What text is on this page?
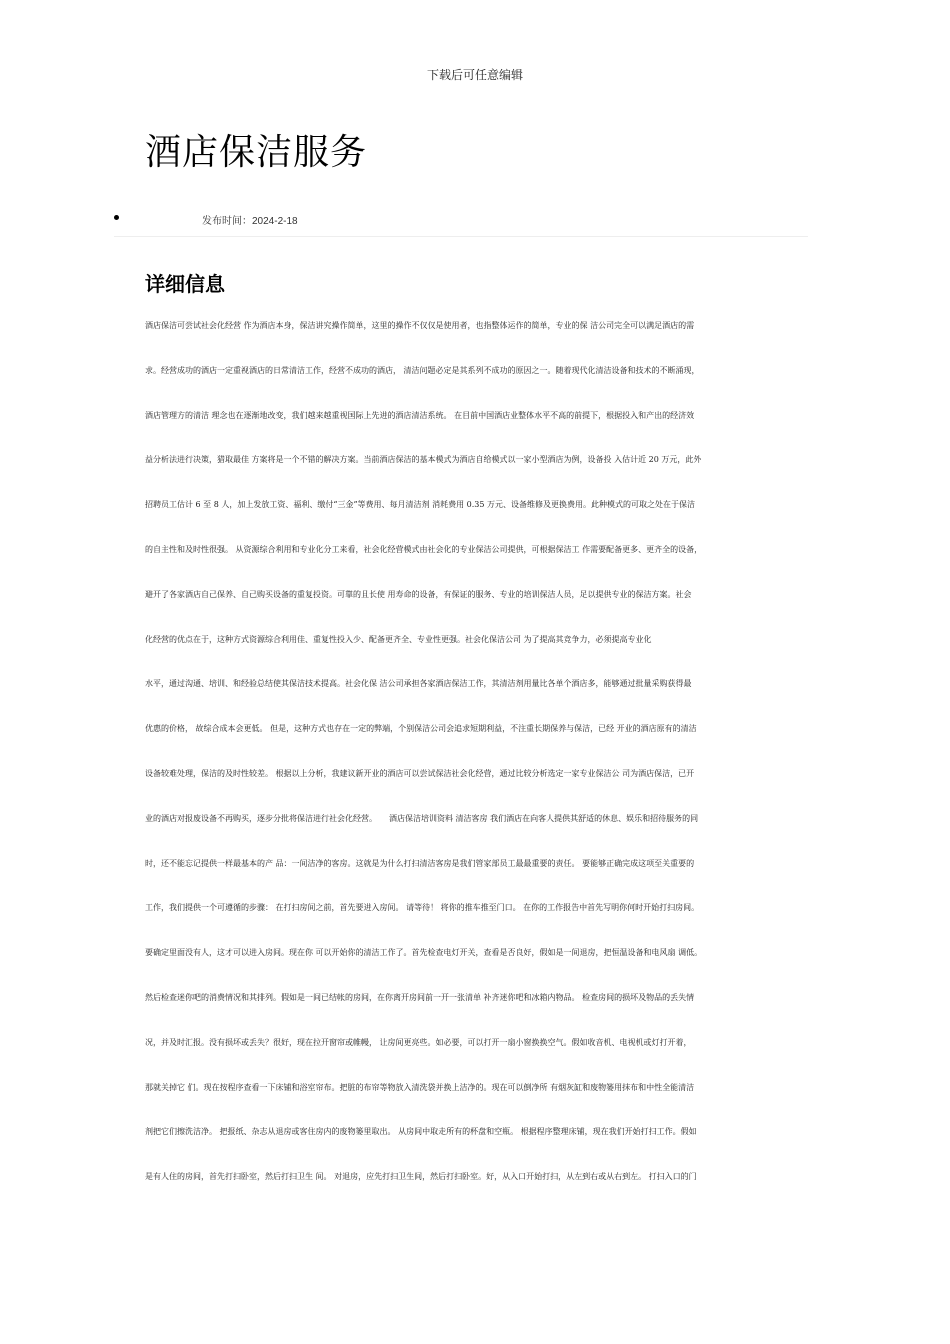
下载后可任意编辑
酒店保洁服务
发布时间：2024-2-18
详细信息
酒店保洁可尝试社会化经营 作为酒店本身，保洁讲究操作简单，这里的操作不仅仅是使用者，也指整体运作的简单，专业的保 洁公司完全可以满足酒店的需
求。经营成功的酒店一定重视酒店的日常清洁工作，经营不成功的酒店， 清洁问题必定是其系列不成功的原因之一。随着现代化清洁设备和技术的不断涌现，
酒店管理方的清洁 理念也在逐渐地改变，我们越来越重视国际上先进的酒店清洁系统。 在目前中国酒店业整体水平不高的前提下，根据投入和产出的经济效
益分析法进行决策，猎取最佳 方案将是一个不错的解决方案。当前酒店保洁的基本模式为酒店自给模式以一家小型酒店为例，设备投 入估计近 20 万元，此外
招聘员工估计 6 至 8 人，加上发放工资、福利、缴付“三金”等费用、每月清洁剂 消耗费用 0.35 万元、设备维修及更换费用。此种模式的可取之处在于保洁
的自主性和及时性很强。 从资源综合利用和专业化分工来看，社会化经营模式由社会化的专业保洁公司提供，可根据保洁工 作需要配备更多、更齐全的设备，
避开了各家酒店自己保养、自己购买设备的重复投资。可靠的且长使 用寿命的设备，有保证的服务、专业的培训保洁人员，足以提供专业的保洁方案。社会
化经营的优点在于，这种方式资源综合利用佳、重复性投入少、配备更齐全、专业性更强。社会化保洁公司 为了提高其竞争力，必须提高专业化
水平，通过沟通、培训、和经验总结使其保洁技术提高。社会化保 洁公司承担各家酒店保洁工作，其清洁剂用量比各单个酒店多，能够通过批量采购获得最
优惠的价格， 故综合成本会更低。 但是，这种方式也存在一定的弊端，个别保洁公司会追求短期利益，不注重长期保养与保洁，已经 开业的酒店原有的清洁
设备较难处理，保洁的及时性较差。 根据以上分析，我建议新开业的酒店可以尝试保洁社会化经营，通过比较分析选定一家专业保洁公 司为酒店保洁，已开
业的酒店对报废设备不再购买，逐步分批将保洁进行社会化经营。　　酒店保洁培训资料 清洁客房 我们酒店在向客人提供其舒适的休息、娱乐和招待服务的同
时，还不能忘记提供一样最基本的产 品：一间洁净的客房。这就是为什么打扫清洁客房是我们管家部员工最最重要的责任。 要能够正确完成这项至关重要的
工作，我们提供一个可遵循的步骤： 在打扫房间之前，首先要进入房间。 请等待！ 将你的推车推至门口。 在你的工作报告中首先写明你何时开始打扫房间。
要确定里面没有人，这才可以进入房间。现在你 可以开始你的清洁工作了。首先检查电灯开关，查看是否良好，假如是一间退房，把恒温设备和电风扇 调低。
然后检查迷你吧的消费情况和其排列。假如是一间已结帐的房间，在你离开房间前一开一张清单 补齐迷你吧和冰箱内物品。 检查房间的损坏及物品的丢失情
况，并及时汇报。没有损坏或丢失？很好，现在拉开窗帘或帷幔， 让房间更亮些。如必要，可以打开一扇小窗换换空气。假如收音机、电视机或灯打开着，
那就关掉它 们。现在按程序查看一下床铺和浴室帘布。把脏的布帘等物放入清洗袋并换上洁净的。现在可以倒净所 有烟灰缸和废物篓用抹布和中性全能清洁
剂把它们擦洗洁净。 把报纸、杂志从退房或客住房内的废物篓里取出。 从房间中取走所有的杯盘和空瓶。 根据程序整理床铺，现在我们开始打扫工作。假如
是有人住的房间，首先打扫卧室，然后打扫卫生 间。 对退房，应先打扫卫生间，然后打扫卧室。好，从入口开始打扫，从左到右或从右到左。 打扫入口的门
